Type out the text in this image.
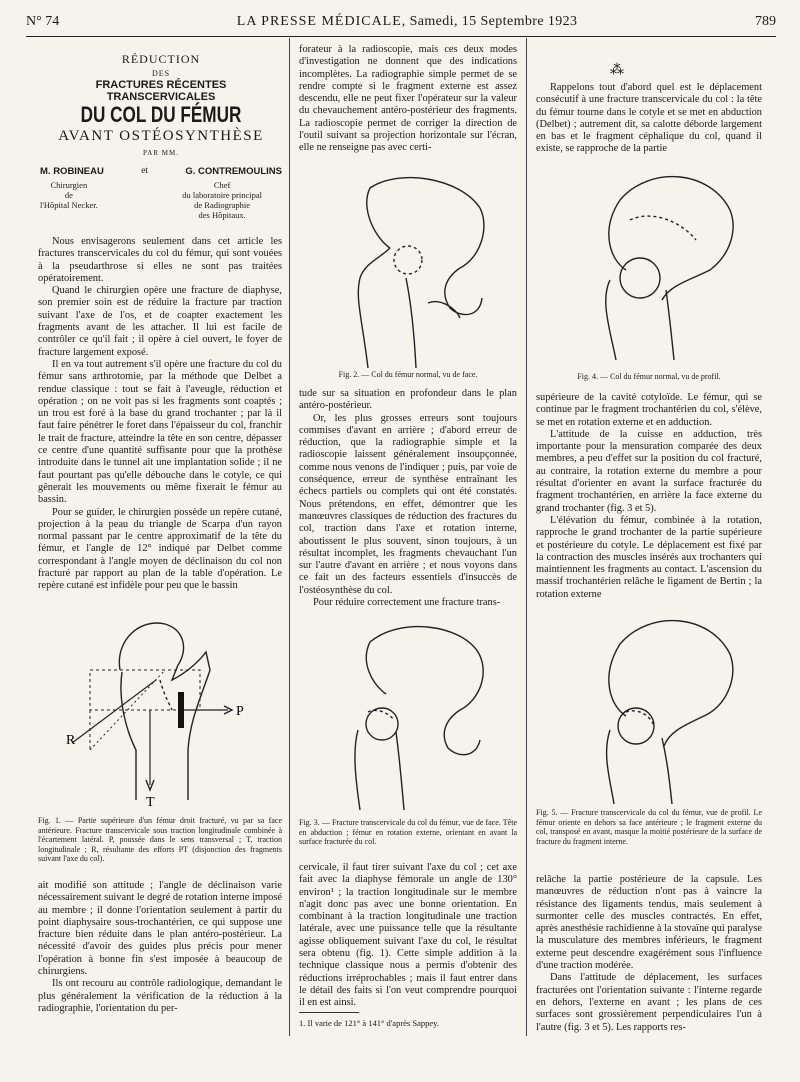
N° 74	LA PRESSE MÉDICALE, Samedi, 15 Septembre 1923	789
RÉDUCTION
DES
FRACTURES RÉCENTES TRANSCERVICALES
DU COL DU FÉMUR
AVANT OSTÉOSYNTHÈSE
PAR MM.
M. ROBINEAU	et	G. CONTREMOULINS
Chirurgien
de
l'Hôpital Necker.
Chef
du laboratoire principal
de Radiographie
des Hôpitaux.

Nous envisagerons seulement dans cet article les fractures transcervicales du col du fémur, qui sont vouées à la pseudarthrose si elles ne sont pas traitées opératoirement.

Quand le chirurgien opère une fracture de diaphyse, son premier soin est de réduire la fracture par traction suivant l'axe de l'os, et de coapter exactement les fragments avant de les attacher. Il lui est facile de contrôler ce qu'il fait ; il opère à ciel ouvert, le foyer de fracture largement exposé.

Il en va tout autrement s'il opère une fracture du col du fémur sans arthrotomie, par la méthode que Delbet a rendue classique : tout se fait à l'aveugle, réduction et opération ; on ne voit pas si les fragments sont coaptés ; un trou est foré à la base du grand trochanter ; par là il faut faire pénétrer le foret dans l'épaisseur du col, franchir le trait de fracture, atteindre la tête en son centre, dépasser ce centre d'une quantité suffisante pour que la prothèse introduite dans le tunnel ait une implantation solide ; il ne faut pourtant pas qu'elle débouche dans le cotyle, ce qui gênerait les mouvements ou même fixerait le fémur au bassin.

Pour se guider, le chirurgien possède un repère cutané, projection à la peau du triangle de Scarpa d'un rayon normal passant par le centre approximatif de la tête du fémur, et l'angle de 12° indiqué par Delbet comme correspondant à l'angle moyen de déclinaison du col non fracturé par rapport au plan de la table d'opération. Le repère cutané est infidèle pour peu que le bassin

R
P
T
Fig. 1. — Partie supérieure d'un fémur droit fracturé, vu par sa face antérieure. Fracture transcervicale sous traction longitudinale combinée à l'écartement latéral. P, poussée dans le sens transversal ; T, traction longitudinale ; R, résultante des efforts PT (disjonction des fragments suivant l'axe du col).

ait modifié son attitude ; l'angle de déclinaison varie nécessairement suivant le degré de rotation interne imposé au membre ; il donne l'orientation seulement à partir du point diaphysaire sous-trochantérien, ce qui suppose une fracture bien réduite dans le plan antéro-postérieur. La nécessité d'avoir des guides plus précis pour mener l'opération à bonne fin s'est imposée à beaucoup de chirurgiens.

Ils ont recouru au contrôle radiologique, demandant le plus généralement la vérification de la réduction à la radiographie, l'orientation du per-

forateur à la radioscopie, mais ces deux modes d'investigation ne donnent que des indications incomplètes. La radiographie simple permet de se rendre compte si le fragment externe est assez descendu, elle ne peut fixer l'opérateur sur la valeur du chevauchement antéro-postérieur des fragments. La radioscopie permet de corriger la direction de l'outil suivant sa projection horizontale sur l'écran, elle ne renseigne pas avec certi-

Fig. 2. — Col du fémur normal, vu de face.

tude sur sa situation en profondeur dans le plan antéro-postérieur.

Or, les plus grosses erreurs sont toujours commises d'avant en arrière ; d'abord erreur de réduction, que la radiographie simple et la radioscopie laissent généralement insoupçonnée, comme nous venons de l'indiquer ; puis, par voie de conséquence, erreur de synthèse entraînant les échecs partiels ou complets qui ont été constatés. Nous prétendons, en effet, démontrer que les manœuvres classiques de réduction des fractures du col, traction dans l'axe et rotation interne, aboutissent le plus souvent, sinon toujours, à un résultat incomplet, les fragments chevauchant l'un sur l'autre d'avant en arrière ; et nous voyons dans ce fait un des facteurs essentiels d'insuccès de l'ostéosynthèse du col.

Pour réduire correctement une fracture trans-

Fig. 3. — Fracture transcervicale du col du fémur, vue de face. Tête en abduction ; fémur en rotation externe, orientant en avant la surface fracturée du col.

cervicale, il faut tirer suivant l'axe du col ; cet axe fait avec la diaphyse fémorale un angle de 130° environ¹ ; la traction longitudinale sur le membre n'agit donc pas avec une bonne orientation. En combinant à la traction longitudinale une traction latérale, avec une puissance telle que la résultante agisse obliquement suivant l'axe du col, le résultat sera obtenu (fig. 1). Cette simple addition à la technique classique nous a permis d'obtenir des réductions irréprochables ; mais il faut entrer dans le détail des faits si l'on veut comprendre pourquoi il en est ainsi.

1. Il varie de 121° à 141° d'après Sappey.
⁂

Rappelons tout d'abord quel est le déplacement consécutif à une fracture transcervicale du col : la tête du fémur tourne dans le cotyle et se met en abduction (Delbet) ; autrement dit, sa calotte déborde largement en bas et le fragment céphalique du col, quand il existe, se rapproche de la partie

Fig. 4. — Col du fémur normal, vu de profil.

supérieure de la cavité cotyloïde. Le fémur, qui se continue par le fragment trochantérien du col, s'élève, se met en rotation externe et en adduction.

L'attitude de la cuisse en adduction, très importante pour la mensuration comparée des deux membres, a peu d'effet sur la position du col fracturé, au contraire, la rotation externe du membre a pour résultat d'orienter en avant la surface fracturée du fragment trochantérien, en arrière la face externe du grand trochanter (fig. 3 et 5).

L'élévation du fémur, combinée à la rotation, rapproche le grand trochanter de la partie supérieure et postérieure du cotyle. Le déplacement est fixé par la contraction des muscles insérés aux trochanters qui maintiennent les fragments au contact. L'ascension du massif trochantérien relâche le ligament de Bertin ; la rotation externe

Fig. 5. — Fracture transcervicale du col du fémur, vue de profil. Le fémur oriente en dehors sa face antérieure ; le fragment externe du col, transposé en avant, masque la moitié postérieure de la surface de fracture du fragment interne.

relâche la partie postérieure de la capsule. Les manœuvres de réduction n'ont pas à vaincre la résistance des ligaments tendus, mais seulement à surmonter celle des muscles contractés. En effet, après anesthésie rachidienne à la stovaïne qui paralyse la musculature des membres inférieurs, le fragment externe peut descendre exagérément sous l'influence d'une traction modérée.

Dans l'attitude de déplacement, les surfaces fracturées ont l'orientation suivante : l'interne regarde en dehors, l'externe en avant ; les plans de ces surfaces sont grossièrement perpendiculaires l'un à l'autre (fig. 3 et 5). Les rapports res-
